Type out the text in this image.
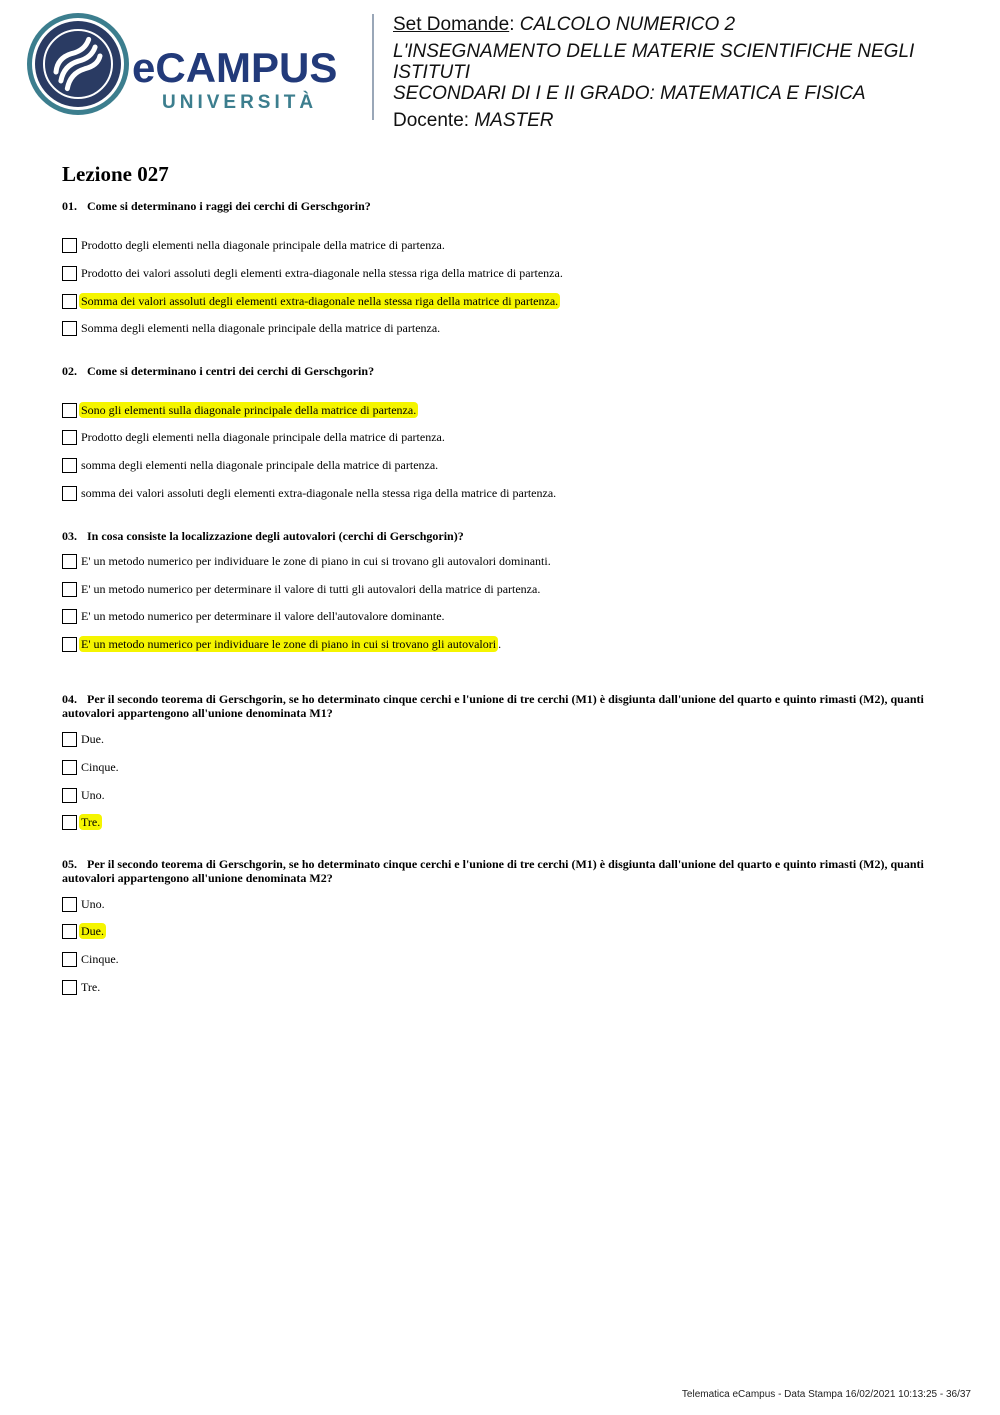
eCAMPUS
UNIVERSITÀ
Set Domande: CALCOLO NUMERICO 2
L'INSEGNAMENTO DELLE MATERIE SCIENTIFICHE NEGLI ISTITUTI
SECONDARI DI I E II GRADO: MATEMATICA E FISICA
Docente: MASTER
Lezione 027
01. Come si determinano i raggi dei cerchi di Gerschgorin?
Prodotto degli elementi nella diagonale principale della matrice di partenza.
Prodotto dei valori assoluti degli elementi extra-diagonale nella stessa riga della matrice di partenza.
Somma dei valori assoluti degli elementi extra-diagonale nella stessa riga della matrice di partenza.
Somma degli elementi nella diagonale principale della matrice di partenza.
02. Come si determinano i centri dei cerchi di Gerschgorin?
Sono gli elementi sulla diagonale principale della matrice di partenza.
Prodotto degli elementi nella diagonale principale della matrice di partenza.
somma degli elementi nella diagonale principale della matrice di partenza.
somma dei valori assoluti degli elementi extra-diagonale nella stessa riga della matrice di partenza.
03. In cosa consiste la localizzazione degli autovalori (cerchi di Gerschgorin)?
E' un metodo numerico per individuare le zone di piano in cui si trovano gli autovalori dominanti.
E' un metodo numerico per determinare il valore di tutti gli autovalori della matrice di partenza.
E' un metodo numerico per determinare il valore dell'autovalore dominante.
E' un metodo numerico per individuare le zone di piano in cui si trovano gli autovalori .
04. Per il secondo teorema di Gerschgorin, se ho determinato cinque cerchi e l'unione di tre cerchi (M1) è disgiunta dall'unione del quarto e quinto rimasti (M2), quanti autovalori appartengono all'unione denominata M1?
Due.
Cinque.
Uno.
Tre.
05. Per il secondo teorema di Gerschgorin, se ho determinato cinque cerchi e l'unione di tre cerchi (M1) è disgiunta dall'unione del quarto e quinto rimasti (M2), quanti autovalori appartengono all'unione denominata M2?
Uno.
Due.
Cinque.
Tre.
Telematica eCampus - Data Stampa 16/02/2021 10:13:25 - 36/37
